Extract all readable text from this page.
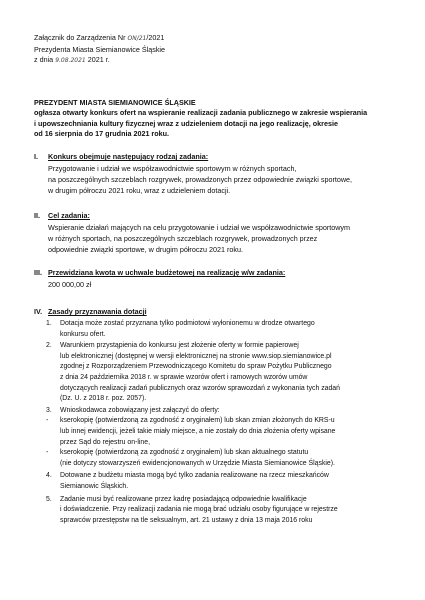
Załącznik do Zarządzenia Nr ON/21/2021
Prezydenta Miasta Siemianowice Śląskie
z dnia 9.08.2021 2021 r.
PREZYDENT MIASTA SIEMIANOWICE ŚLĄSKIE
ogłasza otwarty konkurs ofert na wspieranie realizacji zadania publicznego w zakresie wspierania
i upowszechniania kultury fizycznej wraz z udzieleniem dotacji na jego realizację, okresie
od 16 sierpnia do 17 grudnia 2021 roku.
I. Konkurs obejmuje następujący rodzaj zadania:
Przygotowanie i udział we współzawodnictwie sportowym w różnych sportach,
na poszczególnych szczeblach rozgrywek, prowadzonych przez odpowiednie związki sportowe,
w drugim półroczu 2021 roku, wraz z udzieleniem dotacji.
II. Cel zadania:
Wspieranie działań mających na celu przygotowanie i udział we współzawodnictwie sportowym
w różnych sportach, na poszczególnych szczeblach rozgrywek, prowadzonych przez
odpowiednie związki sportowe, w drugim półroczu 2021 roku.
III. Przewidziana kwota w uchwale budżetowej na realizację w/w zadania:
200 000,00 zł
IV. Zasady przyznawania dotacji
1. Dotacja może zostać przyznana tylko podmiotowi wyłonionemu w drodze otwartego
konkursu ofert.
2. Warunkiem przystąpienia do konkursu jest złożenie oferty w formie papierowej
lub elektronicznej (dostępnej w wersji elektronicznej na stronie www.siop.siemianowice.pl
zgodnej z Rozporządzeniem Przewodniczącego Komitetu do spraw Pożytku Publicznego
z dnia 24 października 2018 r. w sprawie wzorów ofert i ramowych wzorów umów
dotyczących realizacji zadań publicznych oraz wzorów sprawozdań z wykonania tych zadań
(Dz. U. z 2018 r. poz. 2057).
3. Wnioskodawca zobowiązany jest załączyć do oferty:
- kserokopię (potwierdzoną za zgodność z oryginałem) lub skan zmian złożonych do KRS-u
lub innej ewidencji, jeżeli takie miały miejsce, a nie zostały do dnia złożenia oferty wpisane
przez Sąd do rejestru on-line,
- kserokopię (potwierdzoną za zgodność z oryginałem) lub skan aktualnego statutu
(nie dotyczy stowarzyszeń ewidencjonowanych w Urzędzie Miasta Siemianowice Śląskie).
4. Dotowane z budżetu miasta mogą być tylko zadania realizowane na rzecz mieszkańców
Siemianowic Śląskich.
5. Zadanie musi być realizowane przez kadrę posiadającą odpowiednie kwalifikacje
i doświadczenie. Przy realizacji zadania nie mogą brać udziału osoby figurujące w rejestrze
sprawców przestępstw na tle seksualnym, art. 21 ustawy z dnia 13 maja 2016 roku
